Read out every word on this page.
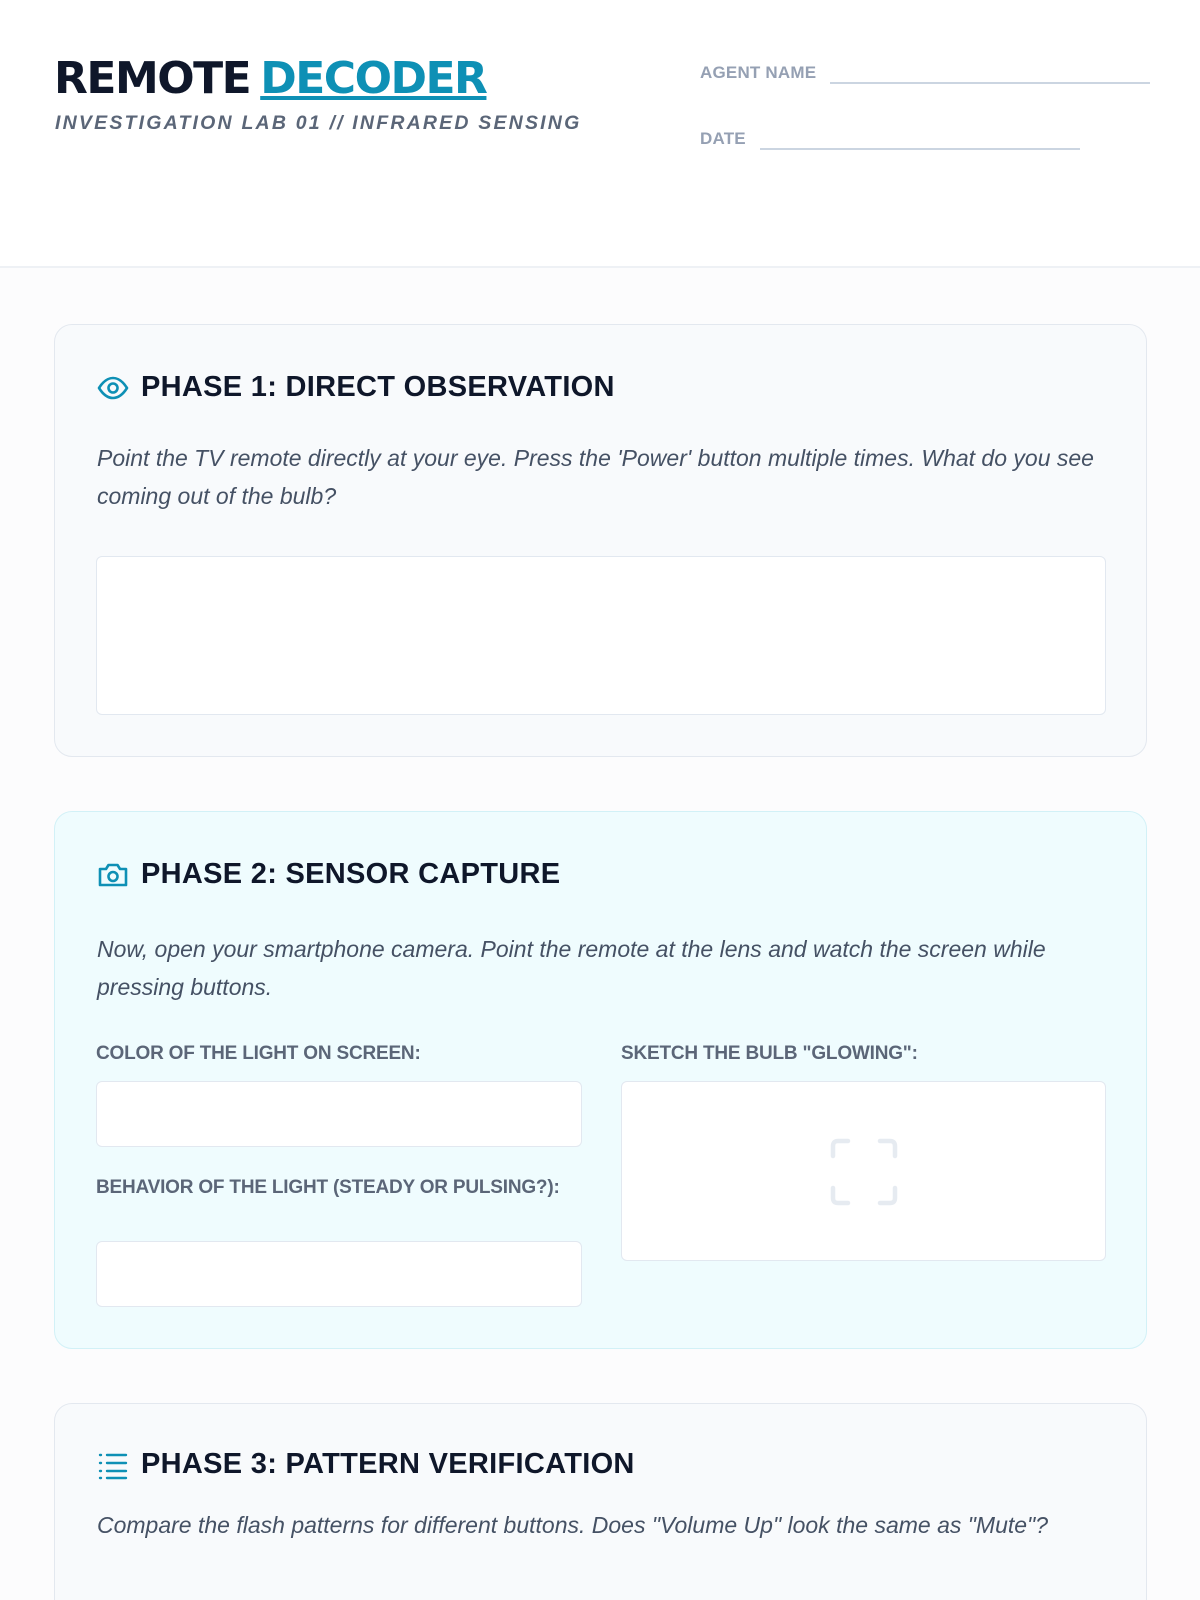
REMOTE DECODER
INVESTIGATION LAB 01 // INFRARED SENSING
AGENT NAME
DATE
PHASE 1: DIRECT OBSERVATION
Point the TV remote directly at your eye. Press the 'Power' button multiple times. What do you see coming out of the bulb?
PHASE 2: SENSOR CAPTURE
Now, open your smartphone camera. Point the remote at the lens and watch the screen while pressing buttons.
COLOR OF THE LIGHT ON SCREEN:
BEHAVIOR OF THE LIGHT (STEADY OR PULSING?):
SKETCH THE BULB "GLOWING":
PHASE 3: PATTERN VERIFICATION
Compare the flash patterns for different buttons. Does "Volume Up" look the same as "Mute"?
